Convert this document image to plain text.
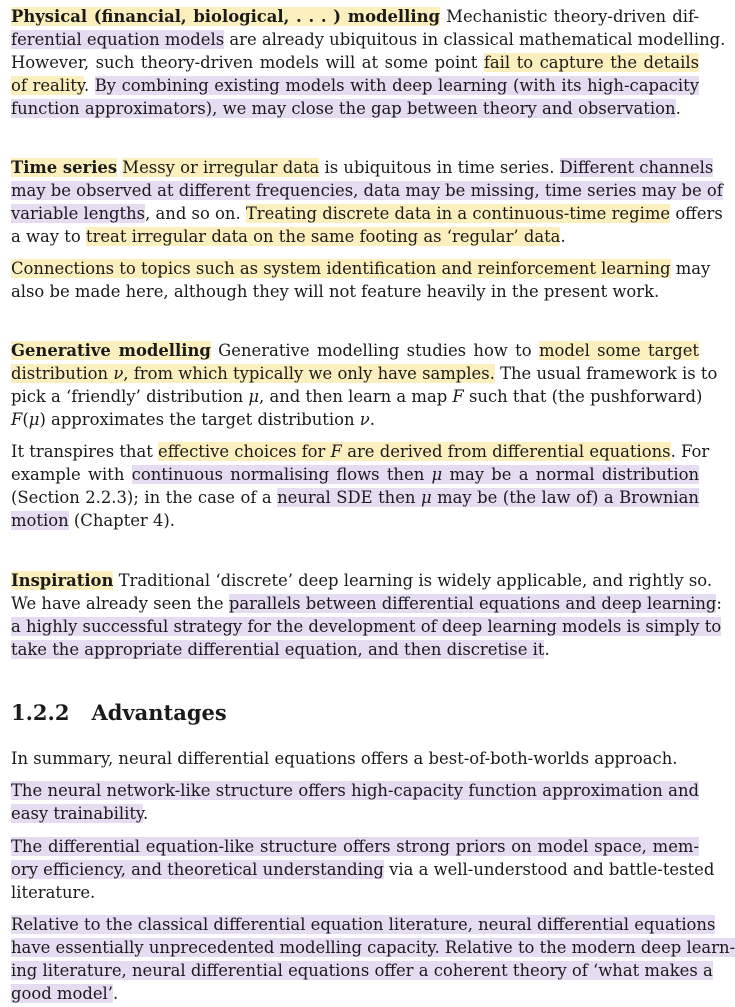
1.2.2 Advantages

Physical (financial, biological, . . . ) modelling Mechanistic theory-driven dif-

ferential equation models are already ubiquitous in classical mathematical modelling.

However, such theory-driven models will at some point fail to capture the details

of reality. By combining existing models with deep learning (with its high-capacity

function approximators), we may close the gap between theory and observation.

Time series Messy or irregular data is ubiquitous in time series. Different channels

may be observed at different frequencies, data may be missing, time series may be of

variable lengths, and so on. Treating discrete data in a continuous-time regime offers

a way to treat irregular data on the same footing as ‘regular’ data.

Connections to topics such as system identification and reinforcement learning may

also be made here, although they will not feature heavily in the present work.

Generative modelling Generative modelling studies how to model some target

distribution ν, from which typically we only have samples. The usual framework is to

pick a ‘friendly’ distribution μ, and then learn a map F such that (the pushforward)

F(μ) approximates the target distribution ν.

It transpires that effective choices for F are derived from differential equations. For

example with continuous normalising flows then μ may be a normal distribution

(Section 2.2.3); in the case of a neural SDE then μ may be (the law of) a Brownian

motion (Chapter 4).

Inspiration Traditional ‘discrete’ deep learning is widely applicable, and rightly so.

We have already seen the parallels between differential equations and deep learning:

a highly successful strategy for the development of deep learning models is simply to

take the appropriate differential equation, and then discretise it.

In summary, neural differential equations offers a best-of-both-worlds approach.

The neural network-like structure offers high-capacity function approximation and

easy trainability.

The differential equation-like structure offers strong priors on model space, mem-

ory efficiency, and theoretical understanding via a well-understood and battle-tested

literature.

Relative to the classical differential equation literature, neural differential equations

have essentially unprecedented modelling capacity. Relative to the modern deep learn-

ing literature, neural differential equations offer a coherent theory of ‘what makes a

good model’.
